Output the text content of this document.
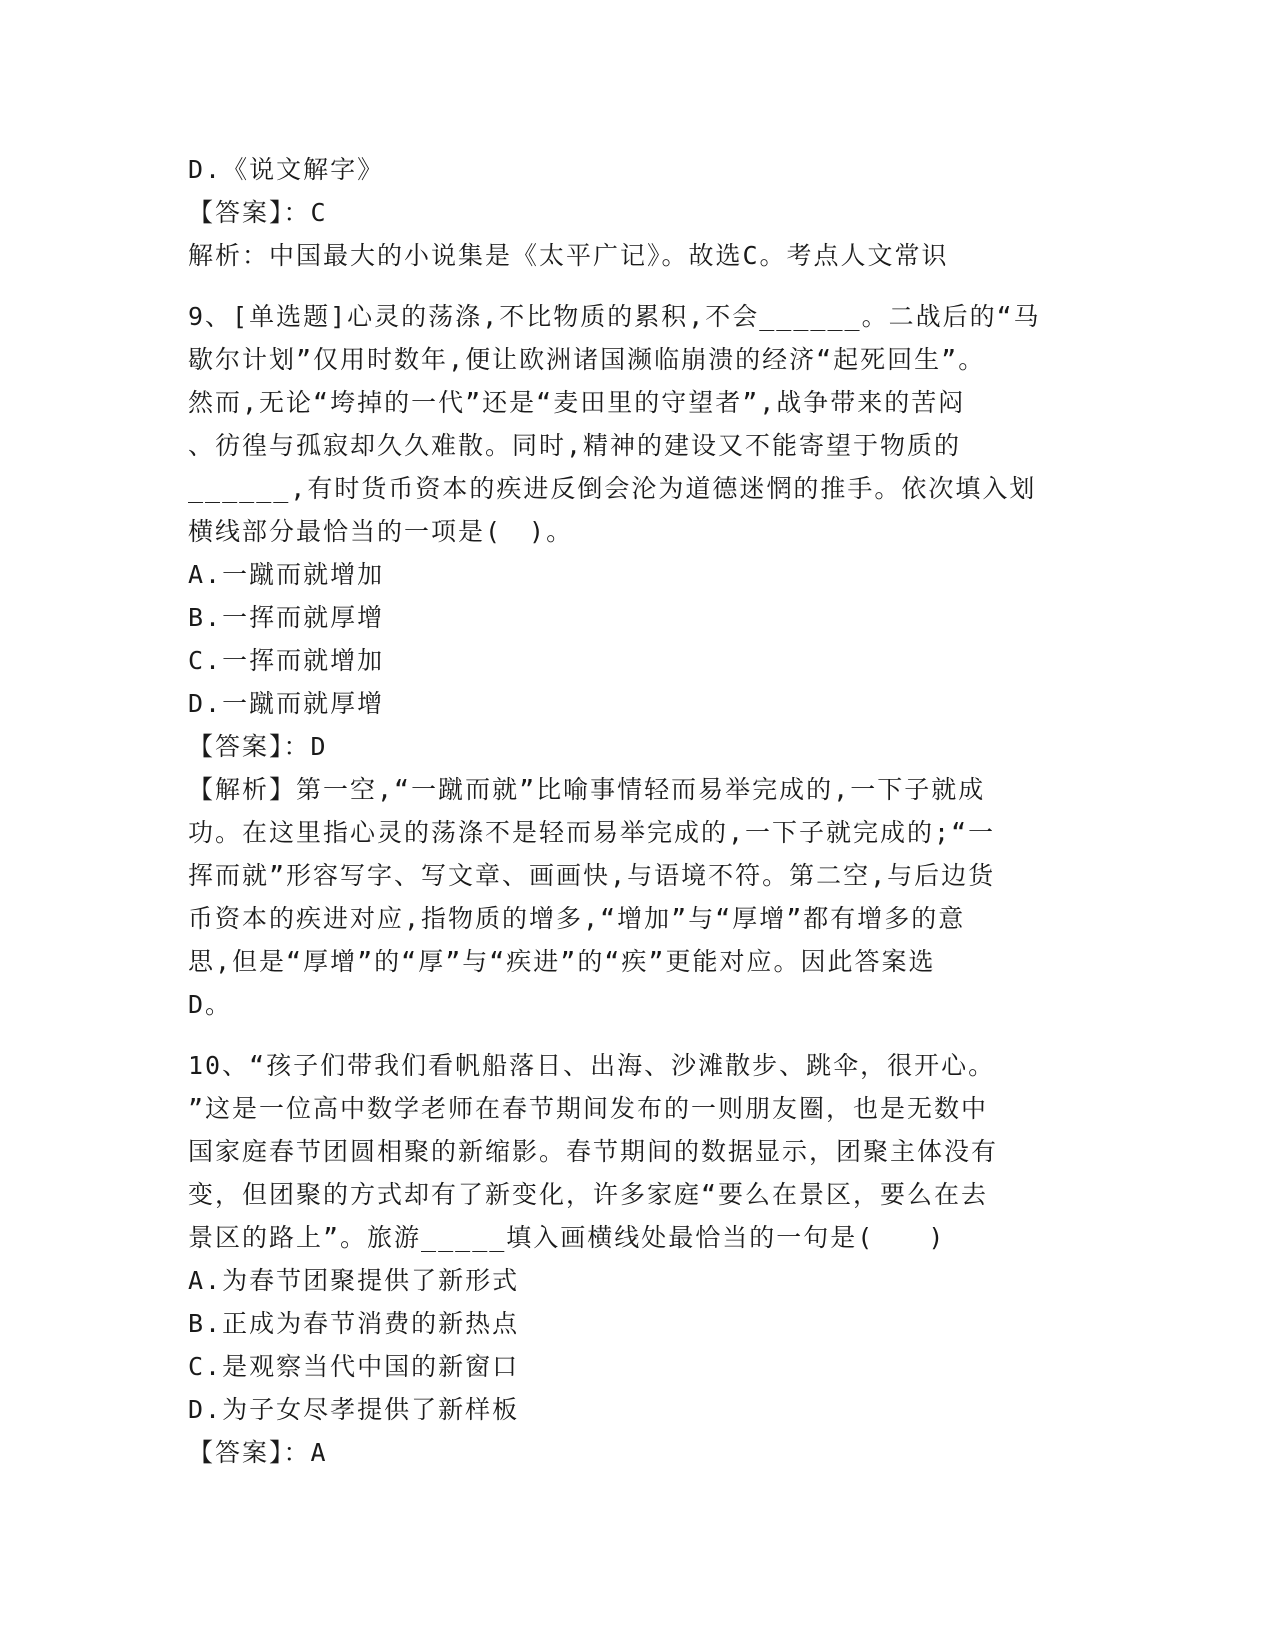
D.《说文解字》
【答案】：C
解析：中国最大的小说集是《太平广记》。故选C。考点人文常识
9、[单选题]心灵的荡涤,不比物质的累积,不会______。二战后的“马
歇尔计划”仅用时数年,便让欧洲诸国濒临崩溃的经济“起死回生”。
然而,无论“垮掉的一代”还是“麦田里的守望者”,战争带来的苦闷
、彷徨与孤寂却久久难散。同时,精神的建设又不能寄望于物质的
______,有时货币资本的疾进反倒会沦为道德迷惘的推手。依次填入划
横线部分最恰当的一项是(　)。
A.一蹴而就增加
B.一挥而就厚增
C.一挥而就增加
D.一蹴而就厚增
【答案】：D
【解析】第一空,“一蹴而就”比喻事情轻而易举完成的,一下子就成
功。在这里指心灵的荡涤不是轻而易举完成的,一下子就完成的;“一
挥而就”形容写字、写文章、画画快,与语境不符。第二空,与后边货
币资本的疾进对应,指物质的增多,“增加”与“厚增”都有增多的意
思,但是“厚增”的“厚”与“疾进”的“疾”更能对应。因此答案选
D。
10、“孩子们带我们看帆船落日、出海、沙滩散步、跳伞，很开心。
”这是一位高中数学老师在春节期间发布的一则朋友圈，也是无数中
国家庭春节团圆相聚的新缩影。春节期间的数据显示，团聚主体没有
变，但团聚的方式却有了新变化，许多家庭“要么在景区，要么在去
景区的路上”。旅游_____填入画横线处最恰当的一句是(　　)
A.为春节团聚提供了新形式
B.正成为春节消费的新热点
C.是观察当代中国的新窗口
D.为子女尽孝提供了新样板
【答案】：A
